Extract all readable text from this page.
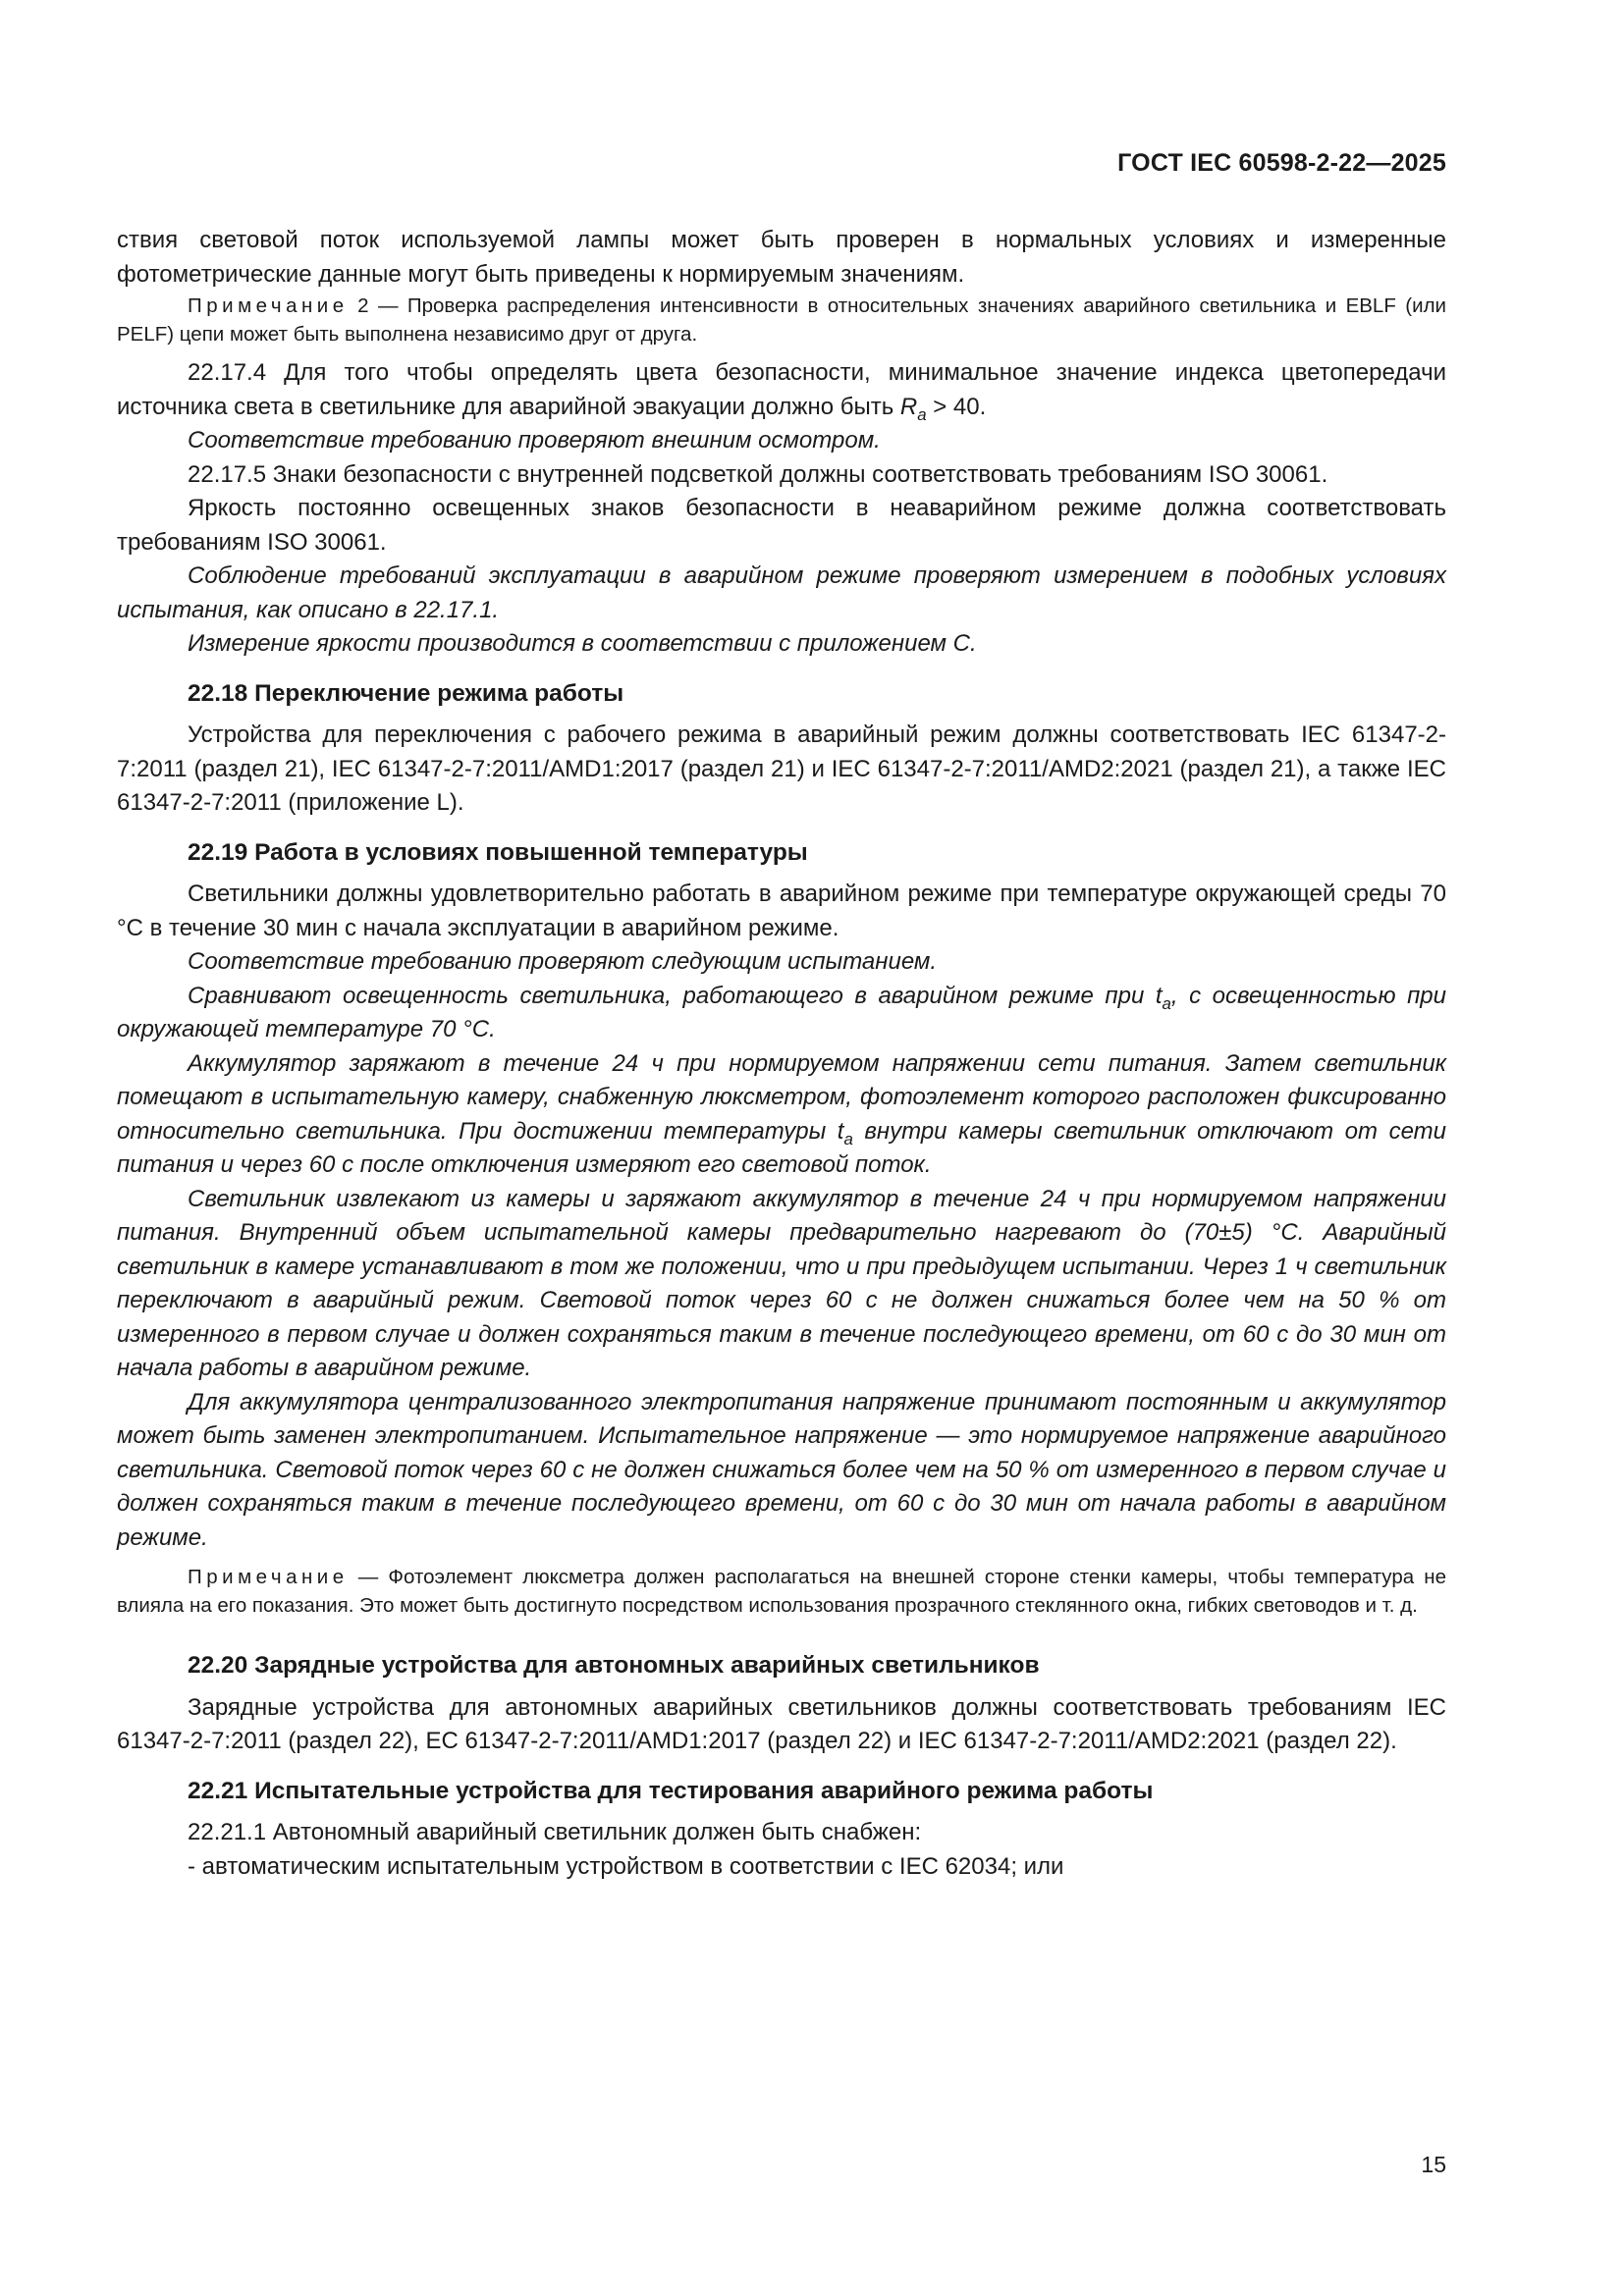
ГОСТ IEC 60598-2-22—2025

ствия световой поток используемой лампы может быть проверен в нормальных условиях и измеренные фотометрические данные могут быть приведены к нормируемым значениям.

Примечание 2 — Проверка распределения интенсивности в относительных значениях аварийного светильника и EBLF (или PELF) цепи может быть выполнена независимо друг от друга.

22.17.4 Для того чтобы определять цвета безопасности, минимальное значение индекса цветопередачи источника света в светильнике для аварийной эвакуации должно быть $R_a > 40$.

Соответствие требованию проверяют внешним осмотром.

22.17.5 Знаки безопасности с внутренней подсветкой должны соответствовать требованиям ISO 30061.

Яркость постоянно освещенных знаков безопасности в неаварийном режиме должна соответствовать требованиям ISO 30061.

Соблюдение требований эксплуатации в аварийном режиме проверяют измерением в подобных условиях испытания, как описано в 22.17.1.

Измерение яркости производится в соответствии с приложением С.

22.18 Переключение режима работы

Устройства для переключения с рабочего режима в аварийный режим должны соответствовать IEC 61347-2-7:2011 (раздел 21), IEC 61347-2-7:2011/AMD1:2017 (раздел 21) и IEC 61347-2-7:2011/AMD2:2021 (раздел 21), а также IEC 61347-2-7:2011 (приложение L).

22.19 Работа в условиях повышенной температуры

Светильники должны удовлетворительно работать в аварийном режиме при температуре окружающей среды 70 °С в течение 30 мин с начала эксплуатации в аварийном режиме.

Соответствие требованию проверяют следующим испытанием.

Сравнивают освещенность светильника, работающего в аварийном режиме при $t_a$, с освещенностью при окружающей температуре 70 °С.

Аккумулятор заряжают в течение 24 ч при нормируемом напряжении сети питания. Затем светильник помещают в испытательную камеру, снабженную люксметром, фотоэлемент которого расположен фиксированно относительно светильника. При достижении температуры $t_a$ внутри камеры светильник отключают от сети питания и через 60 с после отключения измеряют его световой поток.

Светильник извлекают из камеры и заряжают аккумулятор в течение 24 ч при нормируемом напряжении питания. Внутренний объем испытательной камеры предварительно нагревают до (70±5) °С. Аварийный светильник в камере устанавливают в том же положении, что и при предыдущем испытании. Через 1 ч светильник переключают в аварийный режим. Световой поток через 60 с не должен снижаться более чем на 50 % от измеренного в первом случае и должен сохраняться таким в течение последующего времени, от 60 с до 30 мин от начала работы в аварийном режиме.

Для аккумулятора централизованного электропитания напряжение принимают постоянным и аккумулятор может быть заменен электропитанием. Испытательное напряжение — это нормируемое напряжение аварийного светильника. Световой поток через 60 с не должен снижаться более чем на 50 % от измеренного в первом случае и должен сохраняться таким в течение последующего времени, от 60 с до 30 мин от начала работы в аварийном режиме.

Примечание — Фотоэлемент люксметра должен располагаться на внешней стороне стенки камеры, чтобы температура не влияла на его показания. Это может быть достигнуто посредством использования прозрачного стеклянного окна, гибких световодов и т. д.

22.20 Зарядные устройства для автономных аварийных светильников

Зарядные устройства для автономных аварийных светильников должны соответствовать требованиям IEC 61347-2-7:2011 (раздел 22), ЕС 61347-2-7:2011/AMD1:2017 (раздел 22) и IEC 61347-2-7:2011/AMD2:2021 (раздел 22).

22.21 Испытательные устройства для тестирования аварийного режима работы

22.21.1 Автономный аварийный светильник должен быть снабжен:

- автоматическим испытательным устройством в соответствии с IEC 62034; или

15
